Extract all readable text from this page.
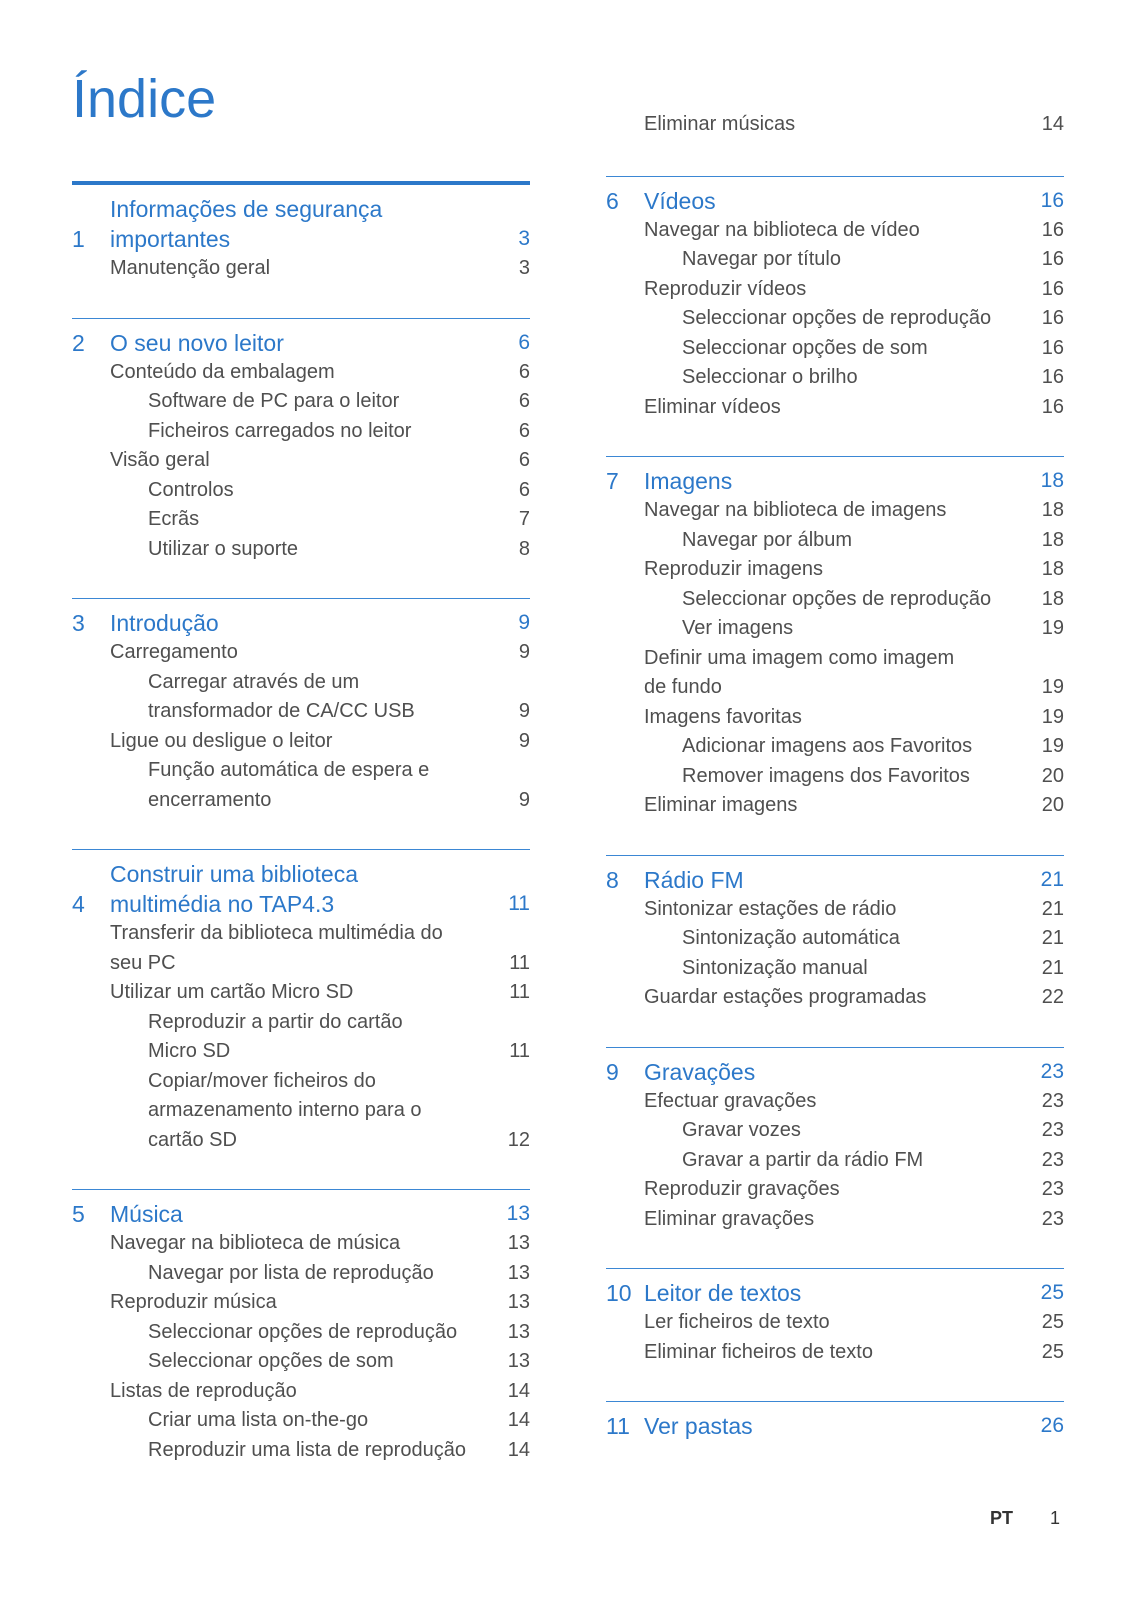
Índice
1
Informações de segurança
importantes	3
Manutenção geral	3
2	O seu novo leitor	6
Conteúdo da embalagem	6
Software de PC para o leitor	6
Ficheiros carregados no leitor	6
Visão geral	6
Controlos	6
Ecrãs	7
Utilizar o suporte	8
3	Introdução	9
Carregamento	9
Carregar através de um
transformador de CA/CC USB	9
Ligue ou desligue o leitor	9
Função automática de espera e
encerramento	9
4
Construir uma biblioteca
multimédia no TAP4.3	11
Transferir da biblioteca multimédia do
seu PC	11
Utilizar um cartão Micro SD	11
Reproduzir a partir do cartão
Micro SD	11
Copiar/mover ficheiros do
armazenamento interno para o
cartão SD	12
5	Música	13
Navegar na biblioteca de música	13
Navegar por lista de reprodução	13
Reproduzir música	13
Seleccionar opções de reprodução	13
Seleccionar opções de som	13
Listas de reprodução	14
Criar uma lista on-the-go	14
Reproduzir uma lista de reprodução	14
Eliminar músicas	14
6	Vídeos	16
Navegar na biblioteca de vídeo	16
Navegar por título	16
Reproduzir vídeos	16
Seleccionar opções de reprodução	16
Seleccionar opções de som	16
Seleccionar o brilho	16
Eliminar vídeos	16
7	Imagens	18
Navegar na biblioteca de imagens	18
Navegar por álbum	18
Reproduzir imagens	18
Seleccionar opções de reprodução	18
Ver imagens	19
Definir uma imagem como imagem
de fundo	19
Imagens favoritas	19
Adicionar imagens aos Favoritos	19
Remover imagens dos Favoritos	20
Eliminar imagens	20
8	Rádio FM	21
Sintonizar estações de rádio	21
Sintonização automática	21
Sintonização manual	21
Guardar estações programadas	22
9	Gravações	23
Efectuar gravações	23
Gravar vozes	23
Gravar a partir da rádio FM	23
Reproduzir gravações	23
Eliminar gravações	23
10 Leitor de textos	25
Ler ficheiros de texto	25
Eliminar ficheiros de texto	25
11 Ver pastas	26
PT 1
